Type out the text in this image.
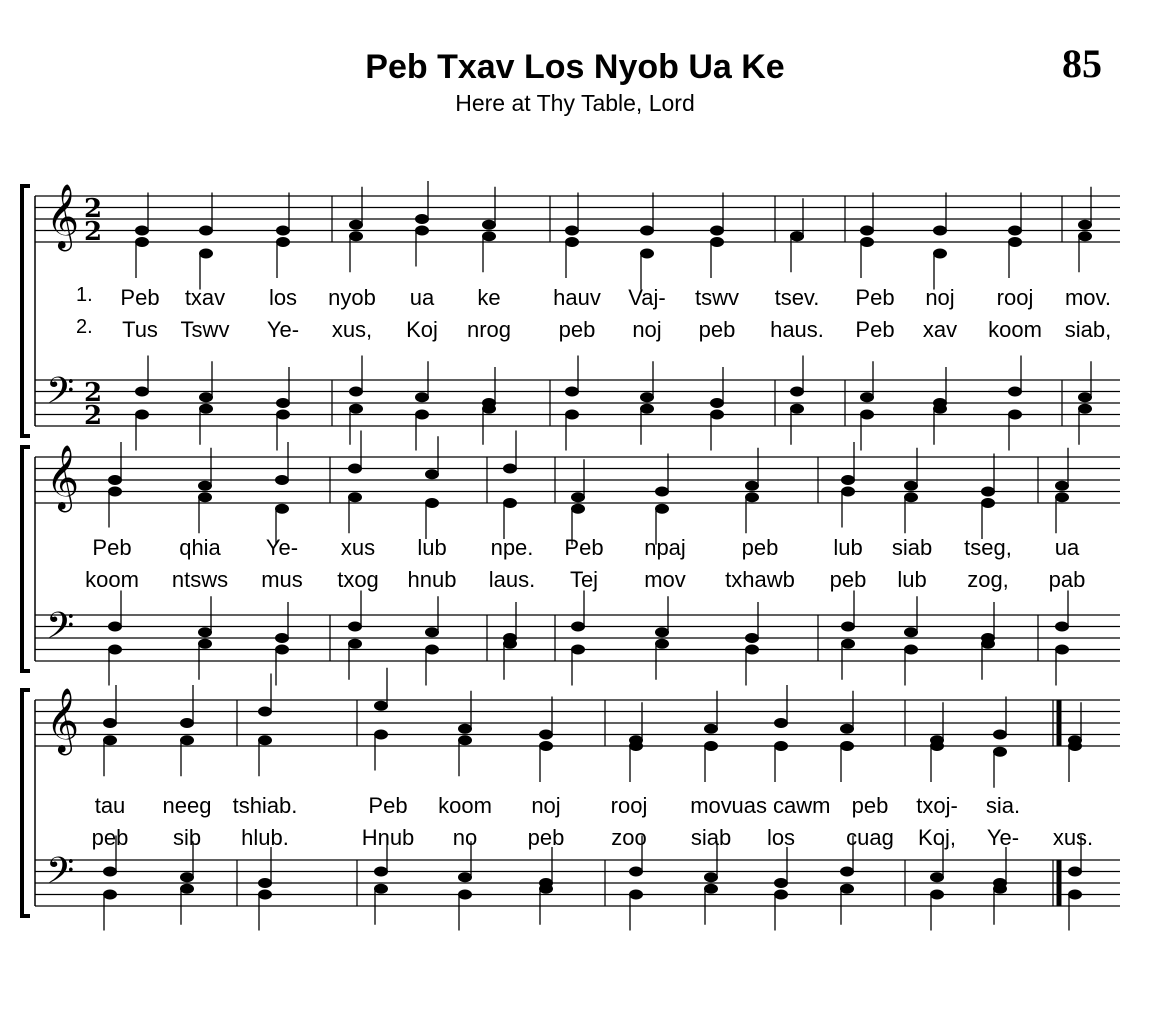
𝄞
𝄢
2
2
2
2
𝄞
𝄢
𝄞
𝄢
Peb Txav Los Nyob Ua Ke
Here at Thy Table, Lord
85
1. Peb txav los nyob ua ke hauv Vaj- tswv tsev. Peb noj rooj mov.
Peb qhia Ye- xus lub npe. Peb npaj	peb lub siab tseg, ua
tau neeg tshiab.	Peb koom noj rooj mov uas cawm peb txoj- sia.
2. Tus Tswv Ye- xus, Koj nrog peb noj peb haus. Peb xav koom siab,
koom ntsws mus txog hnub laus. Tej mov txhawb peb lub zog, pab
peb sib hlub.	Hnub no peb zoo siab los cuag Koj, Ye- xus.
